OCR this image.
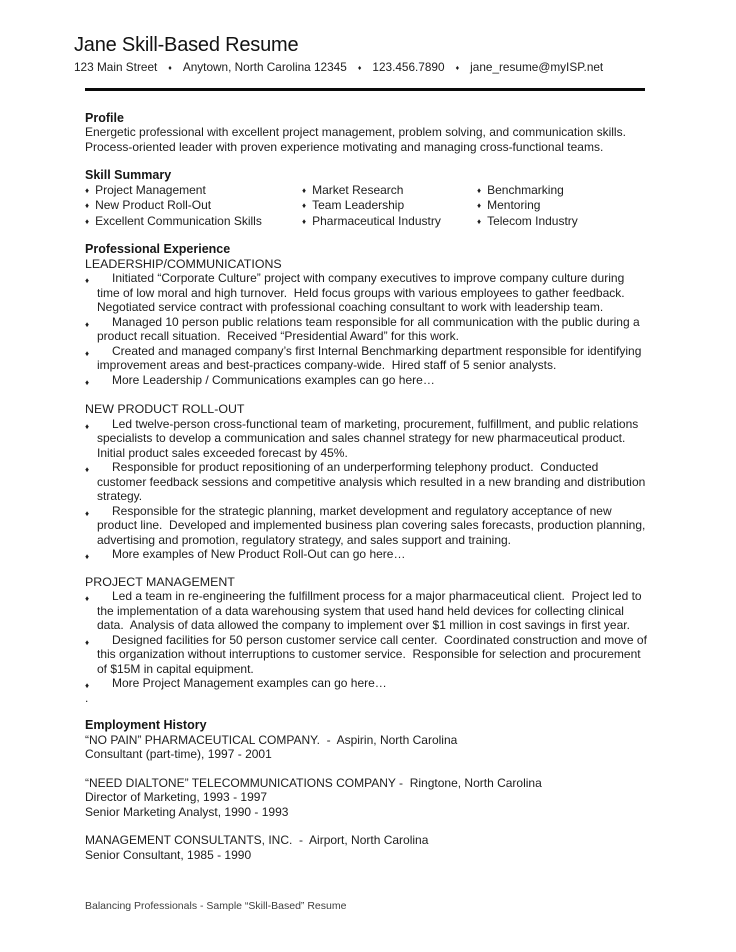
Jane Skill-Based Resume
123 Main Street ♦ Anytown, North Carolina 12345 ♦ 123.456.7890 ♦ jane_resume@myISP.net
Profile

Energetic professional with excellent project management, problem solving, and communication skills.  Process-oriented leader with proven experience motivating and managing cross-functional teams.

Skill Summary
♦ Project Management
♦ New Product Roll-Out
♦ Excellent Communication Skills
♦ Market Research
♦ Team Leadership
♦ Pharmaceutical Industry
♦ Benchmarking
♦ Mentoring
♦ Telecom Industry
Professional Experience
LEADERSHIP/COMMUNICATIONS
♦ Initiated “Corporate Culture” project with company executives to improve company culture during time of low moral and high turnover.  Held focus groups with various employees to gather feedback.  Negotiated service contract with professional coaching consultant to work with leadership team.
♦ Managed 10 person public relations team responsible for all communication with the public during a product recall situation.  Received “Presidential Award” for this work.
♦ Created and managed company’s first Internal Benchmarking department responsible for identifying improvement areas and best-practices company-wide.  Hired staff of 5 senior analysts.
♦ More Leadership / Communications examples can go here…
NEW PRODUCT ROLL-OUT
♦ Led twelve-person cross-functional team of marketing, procurement, fulfillment, and public relations specialists to develop a communication and sales channel strategy for new pharmaceutical product.  Initial product sales exceeded forecast by 45%.
♦ Responsible for product repositioning of an underperforming telephony product.  Conducted customer feedback sessions and competitive analysis which resulted in a new branding and distribution strategy.
♦ Responsible for the strategic planning, market development and regulatory acceptance of new product line.  Developed and implemented business plan covering sales forecasts, production planning, advertising and promotion, regulatory strategy, and sales support and training.
♦ More examples of New Product Roll-Out can go here…
PROJECT MANAGEMENT
♦ Led a team in re-engineering the fulfillment process for a major pharmaceutical client.  Project led to the implementation of a data warehousing system that used hand held devices for collecting clinical data.  Analysis of data allowed the company to implement over $1 million in cost savings in first year.
♦ Designed facilities for 50 person customer service call center.  Coordinated construction and move of this organization without interruptions to customer service.  Responsible for selection and procurement of $15M in capital equipment.
♦ More Project Management examples can go here…

.

Employment History
“NO PAIN” PHARMACEUTICAL COMPANY.  -  Aspirin, North Carolina
Consultant (part-time), 1997 - 2001
“NEED DIALTONE” TELECOMMUNICATIONS COMPANY -  Ringtone, North Carolina
Director of Marketing, 1993 - 1997
Senior Marketing Analyst, 1990 - 1993
MANAGEMENT CONSULTANTS, INC.  -  Airport, North Carolina
Senior Consultant, 1985 - 1990
Balancing Professionals - Sample “Skill-Based” Resume
